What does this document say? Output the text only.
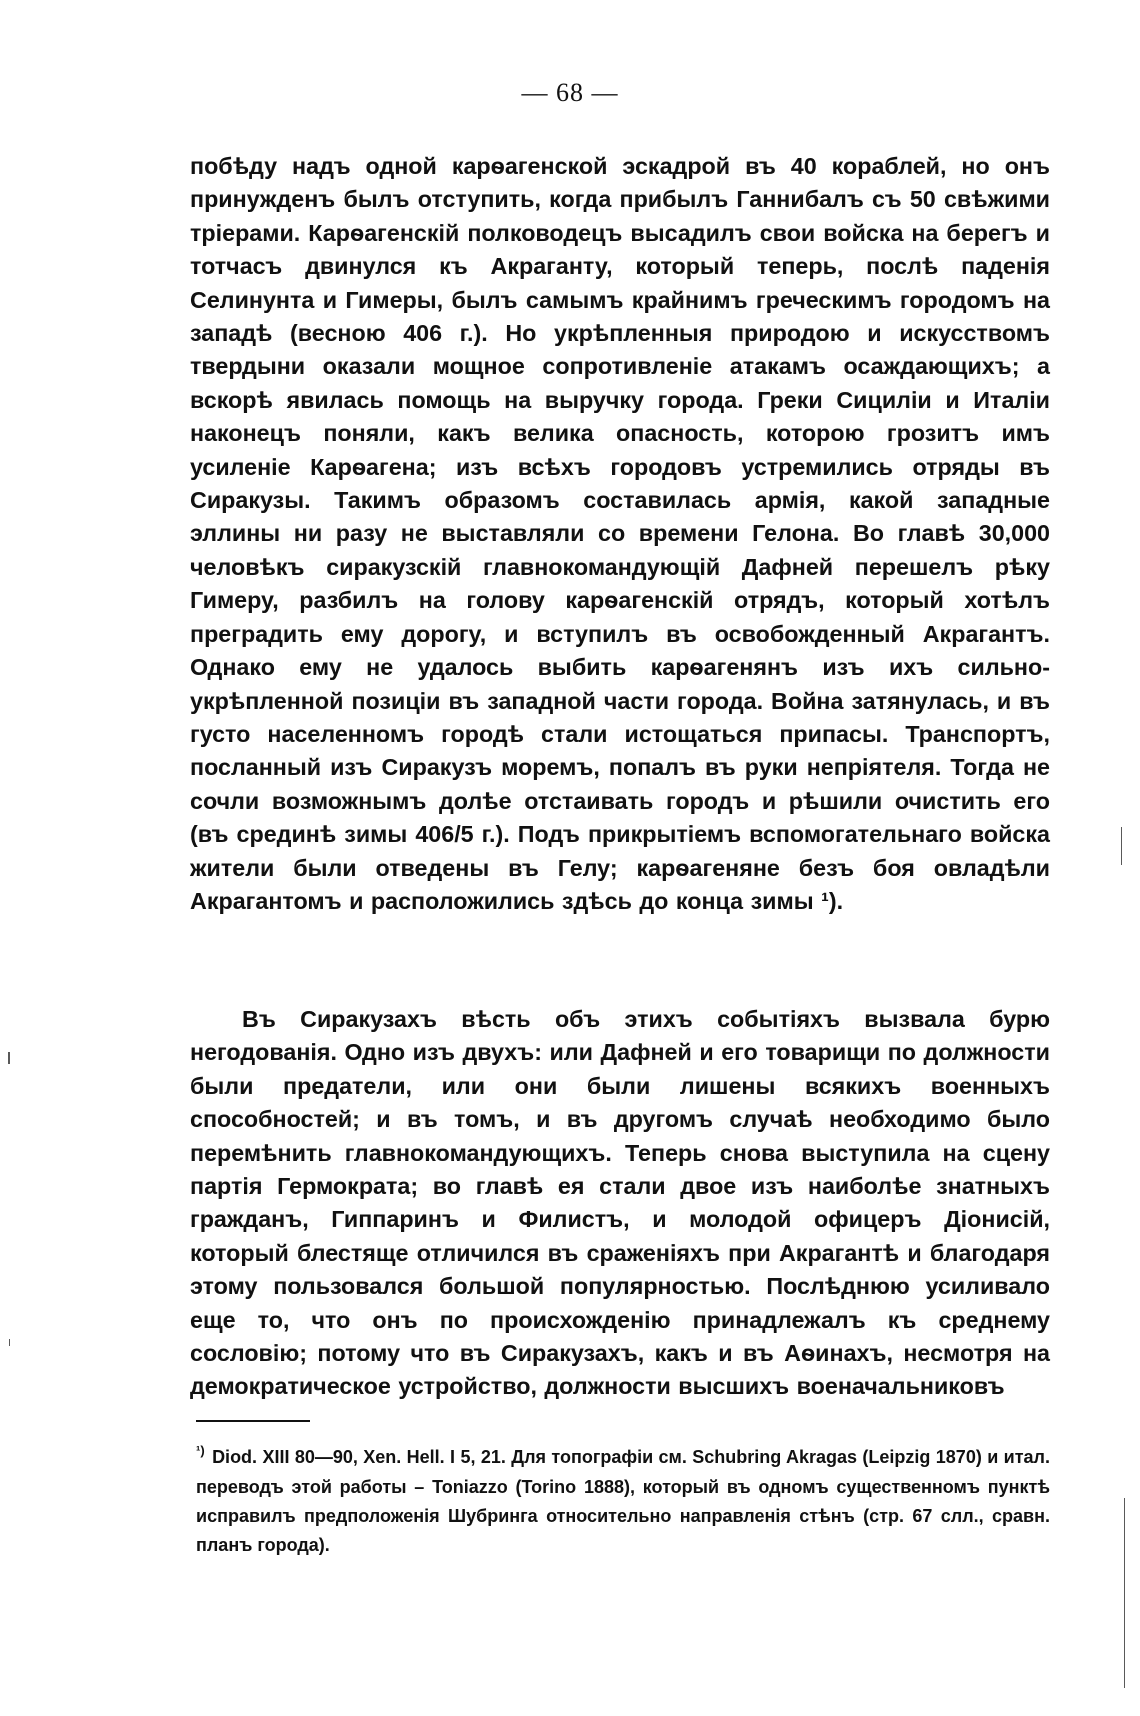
— 68 —
побѣду надъ одной карѳагенской эскадрой въ 40 кораблей, но онъ принужденъ былъ отступить, когда прибылъ Ганнибалъ съ 50 свѣжими тріерами. Карѳагенскій полководецъ высадилъ свои войска на берегъ и тотчасъ двинулся къ Акраганту, который теперь, послѣ паденія Селинунта и Гимеры, былъ самымъ крайнимъ греческимъ городомъ на западѣ (весною 406 г.). Но укрѣпленныя природою и искусствомъ твердыни оказали мощное сопротивленіе атакамъ осаждающихъ; а вскорѣ явилась помощь на выручку города. Греки Сициліи и Италіи наконецъ поняли, какъ велика опасность, которою грозитъ имъ усиленіе Карѳагена; изъ всѣхъ городовъ устремились отряды въ Сиракузы. Такимъ образомъ составилась армія, какой западные эллины ни разу не выставляли со времени Гелона. Во главѣ 30,000 человѣкъ сиракузскій главнокомандующій Дафней перешелъ рѣку Гимеру, разбилъ на голову карѳагенскій отрядъ, который хотѣлъ преградить ему дорогу, и вступилъ въ освобожденный Акрагантъ. Однако ему не удалось выбить карѳагенянъ изъ ихъ сильно-укрѣпленной позиціи въ западной части города. Война затянулась, и въ густо населенномъ городѣ стали истощаться припасы. Транспортъ, посланный изъ Сиракузъ моремъ, попалъ въ руки непріятеля. Тогда не сочли возможнымъ долѣе отстаивать городъ и рѣшили очистить его (въ срединѣ зимы 406/5 г.). Подъ прикрытіемъ вспомогательнаго войска жители были отведены въ Гелу; карѳагеняне безъ боя овладѣли Акрагантомъ и расположились здѣсь до конца зимы ¹).
Въ Сиракузахъ вѣсть объ этихъ событіяхъ вызвала бурю негодованія. Одно изъ двухъ: или Дафней и его товарищи по должности были предатели, или они были лишены всякихъ военныхъ способностей; и въ томъ, и въ другомъ случаѣ необходимо было перемѣнить главнокомандующихъ. Теперь снова выступила на сцену партія Гермократа; во главѣ ея стали двое изъ наиболѣе знатныхъ гражданъ, Гиппаринъ и Филистъ, и молодой офицеръ Діонисій, который блестяще отличился въ сраженіяхъ при Акрагантѣ и благодаря этому пользовался большой популярностью. Послѣднюю усиливало еще то, что онъ по происхожденію принадлежалъ къ среднему сословію; потому что въ Сиракузахъ, какъ и въ Аѳинахъ, несмотря на демократическое устройство, должности высшихъ военачальниковъ
$^{^1)}$ Diod. XIII 80—90, Xen. Hell. I 5, 21. Для топографіи см. Schubring Akragas (Leipzig 1870) и итал. переводъ этой работы – Toniazzo (Torino 1888), который въ одномъ существенномъ пунктѣ исправилъ предположенія Шубринга относительно направленія стѣнъ (стр. 67 слл., сравн. планъ города).
